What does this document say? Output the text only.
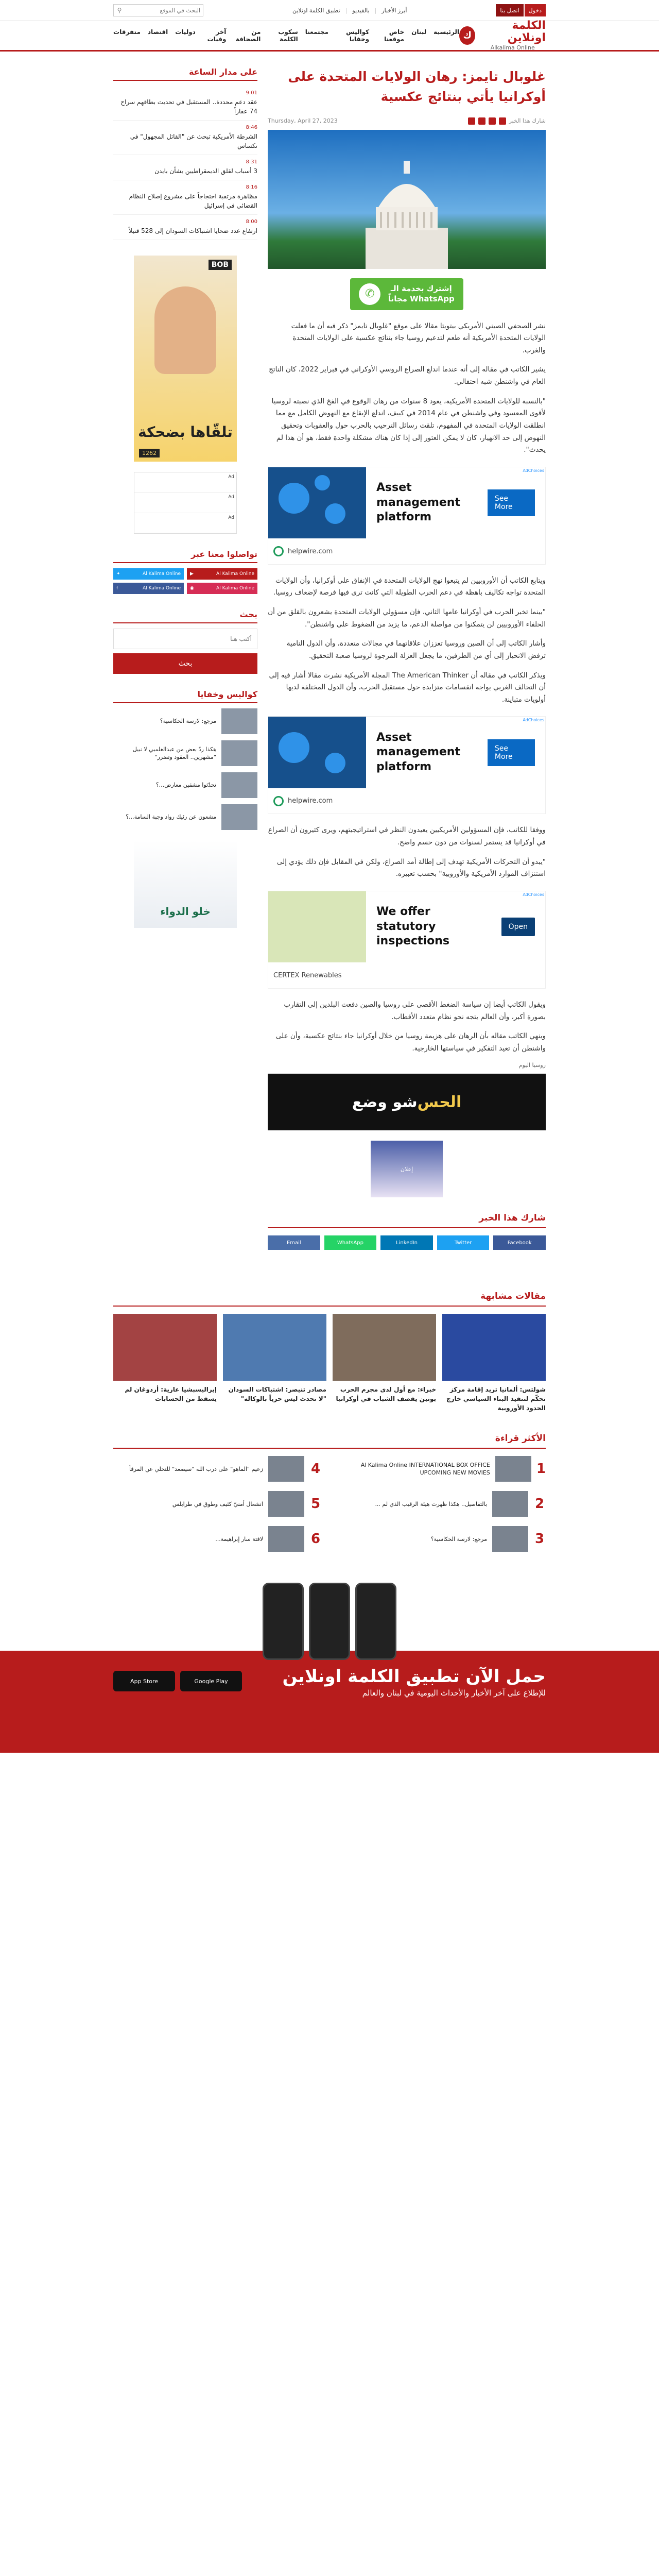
دخول
اتصل بنا
أبرز الأخبار
|
بالفيديو
|
تطبيق الكلمة اونلاين
⚲
البحث في الموقع
الكلمة اونلاين
Alkalima Online
ك
الرئيسية
لبنان
خاص موقعنا
كواليس وخفايا
مجتمعنا
سكوب الكلمة
من الصحافة
آخر وفيات
دوليات
اقتصاد
متفرقات
غلوبال تايمز: رهان الولايات المتحدة على أوكرانيا يأتي بنتائج عكسية
شارك هذا الخبر
Thursday, April 27, 2023
إشترك بخدمة الـ
WhatsApp مجاناً
✆

نشر الصحفي الصيني الأمريكي بيتويتا مقالا على موقع "غلوبال تايمز" ذكر فيه أن ما فعلت الولايات المتحدة الأمريكية أنه طعم لتدعيم روسيا جاء بنتائج عكسية على الولايات المتحدة والغرب.

يشير الكاتب في مقاله إلى أنه عندما اندلع الصراع الروسي الأوكراني في فبراير 2022، كان الناتج العام في واشنطن شبه احتفالي.

"بالنسبة للولايات المتحدة الأمريكية، يعود 8 سنوات من رهان الوقوع في الفخ الذي نصبته لروسيا لأقوى المعسود وفي واشنطن في عام 2014 في كييف، اندلع الإيقاع مع النهوض الكامل مع مما انطلقت الولايات المتحدة في المفهوم، تلقت رسائل الترحيب بالحرب حول والعقوبات وتحقيق النهوض إلى حد الانهيار، كان لا يمكن العثور إلى إذا كان هناك مشكلة واحدة فقط، هو أن هذا لم يحدث".

AdChoices
Asset management platform
See More
helpwire.com

ويتابع الكاتب أن الأوروبيين لم يتبعوا نهج الولايات المتحدة في الإنفاق على أوكرانيا، وأن الولايات المتحدة تواجه تكاليف باهظة في دعم الحرب الطويلة التي كانت ترى فيها فرصة لإضعاف روسيا.

"بينما تخبر الحرب في أوكرانيا عامها الثاني، فإن مسؤولي الولايات المتحدة يشعرون بالقلق من أن الحلفاء الأوروبيين لن يتمكنوا من مواصلة الدعم، ما يزيد من الضغوط على واشنطن".

وأشار الكاتب إلى أن الصين وروسيا تعززان علاقاتهما في مجالات متعددة، وأن الدول النامية ترفض الانحياز إلى أي من الطرفين، ما يجعل العزلة المرجوة لروسيا صعبة التحقيق.

ويذكر الكاتب في مقاله أن The American Thinker المجلة الأمريكية نشرت مقالا أشار فيه إلى أن التحالف الغربي يواجه انقسامات متزايدة حول مستقبل الحرب، وأن الدول المختلفة لديها أولويات متباينة.

AdChoices
Asset management platform
See More
helpwire.com

ووفقا للكاتب، فإن المسؤولين الأمريكيين يعيدون النظر في استراتيجيتهم، ويرى كثيرون أن الصراع في أوكرانيا قد يستمر لسنوات من دون حسم واضح.

"يبدو أن التحركات الأمريكية تهدف إلى إطالة أمد الصراع، ولكن في المقابل فإن ذلك يؤدي إلى استنزاف الموارد الأمريكية والأوروبية" بحسب تعبيره.

AdChoices
We offer statutory inspections
Open
CERTEX Renewables

ويقول الكاتب أيضا إن سياسة الضغط الأقصى على روسيا والصين دفعت البلدين إلى التقارب بصورة أكبر، وأن العالم يتجه نحو نظام متعدد الأقطاب.

وينهي الكاتب مقاله بأن الرهان على هزيمة روسيا من خلال أوكرانيا جاء بنتائج عكسية، وأن على واشنطن أن تعيد التفكير في سياستها الخارجية.

روسيا اليوم
الحس
شو وضع
إعلان
شارك هذا الخبر
Facebook
Twitter
LinkedIn
WhatsApp
Email
على مدار الساعة
9:01
عقد دعم محددة.. المستقبل في تحديث بطاقهم سراح 74 عقاراً
8:46
الشرطة الأمريكية تبحث عن "القاتل المجهول" في تكساس
8:31
3 أسباب لقلق الديمقراطيين بشأن بايدن
8:16
مظاهرة مرتقبة احتجاجاً على مشروع إصلاح النظام القضائي في إسرائيل
8:00
ارتفاع عدد ضحايا اشتباكات السودان إلى 528 قتيلاً
BOB
تلقّاها بضحكة
1262
Ad
Ad
Ad
تواصلوا معنا عبر
Al Kalima Online
▶
Al Kalima Online
✦
Al Kalima Online
◉
Al Kalima Online
f
بحث
أكتب هنا بحث
كواليس وخفايا
مرجع: لارسة الحكاسية؟
هكذا ردّ بعض من عبدالغلمبي لا نبيل "مشهرين.. العقود وتضرر"
تحدّثوا مشقين معارض...؟
مشعون عن رئيك رواد وجبة السامة...؟
خلو الدواء
مقالات مشابهة
شولتس: ألمانيا تريد إقامة مركز تحكّم لتنفيذ البناء السياسي خارج الحدود الأوروبية
خبراء: مع أول لدى مجرم الحرب بوتين يقصف الشباب في أوكرانيا
مصادر تنيصر: اشتباكات السودان "لا تحدث ليس حرباً بالوكالة"
إيراليسبشيا عارية: أردوغان لم يسقط من الحسابات
الأكثر قراءة
1
Al Kalima Online INTERNATIONAL BOX OFFICE UPCOMING NEW MOVIES
4
زعيم "الماهو" على درب الله "سيصعد" للتخلي عن المرفأ
2
بالتفاصيل.. هكذا ظهرت هيئة الرقيب الذي لم ...
5
انشعال أمنيّ كثيف وطوق في طرابلس
3
مرجع: لارسة الحكاسية؟
6
لافتة سار إبراهيمة...
حمل الآن تطبيق الكلمة اونلاين

للإطلاع على آخر الأخبار والأحداث اليومية في لبنان والعالم

Google Play
App Store
